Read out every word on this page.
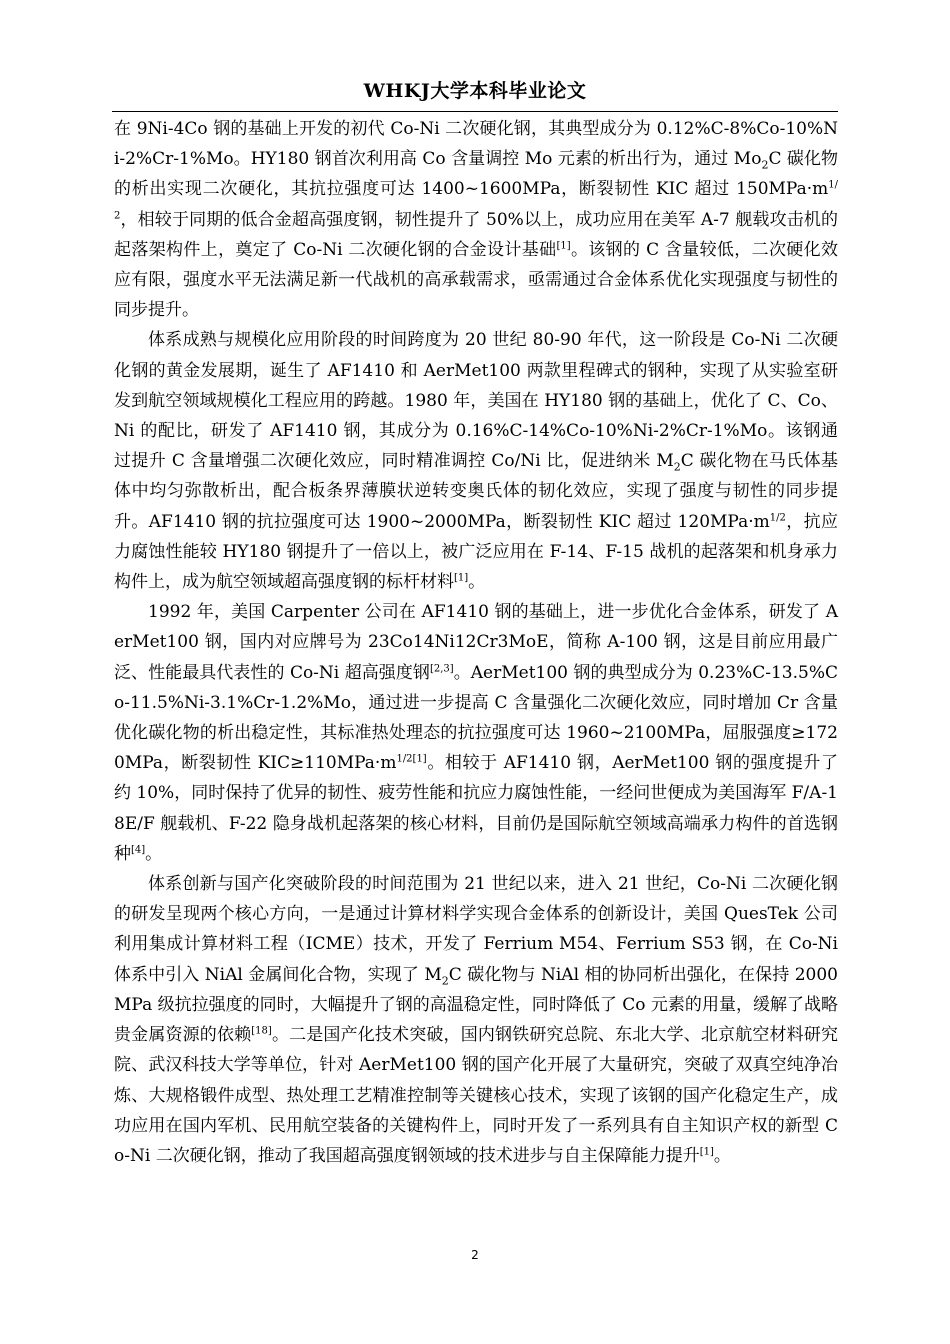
WHKJ大学本科毕业论文

在 9Ni-4Co 钢的基础上开发的初代 Co-Ni 二次硬化钢，其典型成分为 0.12%C-8%Co-10%Ni-2%Cr-1%Mo。HY180 钢首次利用高 Co 含量调控 Mo 元素的析出行为，通过 $Mo_2C$ 碳化物的析出实现二次硬化，其抗拉强度可达 1400~1600MPa，断裂韧性 KIC 超过 $150MPa\cdot m^{1/2}$，相较于同期的低合金超高强度钢，韧性提升了 50%以上，成功应用在美军 A-7 舰载攻击机的起落架构件上，奠定了 Co-Ni 二次硬化钢的合金设计基础[1]。该钢的 C 含量较低，二次硬化效应有限，强度水平无法满足新一代战机的高承载需求，亟需通过合金体系优化实现强度与韧性的同步提升。

体系成熟与规模化应用阶段的时间跨度为 20 世纪 80-90 年代，这一阶段是 Co-Ni 二次硬化钢的黄金发展期，诞生了 AF1410 和 AerMet100 两款里程碑式的钢种，实现了从实验室研发到航空领域规模化工程应用的跨越。1980 年，美国在 HY180 钢的基础上，优化了 C、Co、Ni 的配比，研发了 AF1410 钢，其成分为 0.16%C-14%Co-10%Ni-2%Cr-1%Mo。该钢通过提升 C 含量增强二次硬化效应，同时精准调控 Co/Ni 比，促进纳米 $M_2C$ 碳化物在马氏体基体中均匀弥散析出，配合板条界薄膜状逆转变奥氏体的韧化效应，实现了强度与韧性的同步提升。AF1410 钢的抗拉强度可达 1900~2000MPa，断裂韧性 KIC 超过 $120MPa\cdot m^{1/2}$，抗应力腐蚀性能较 HY180 钢提升了一倍以上，被广泛应用在 F-14、F-15 战机的起落架和机身承力构件上，成为航空领域超高强度钢的标杆材料[1]。

1992 年，美国 Carpenter 公司在 AF1410 钢的基础上，进一步优化合金体系，研发了 AerMet100 钢，国内对应牌号为 23Co14Ni12Cr3MoE，简称 A-100 钢，这是目前应用最广泛、性能最具代表性的 Co-Ni 超高强度钢[2,3]。AerMet100 钢的典型成分为 0.23%C-13.5%Co-11.5%Ni-3.1%Cr-1.2%Mo，通过进一步提高 C 含量强化二次硬化效应，同时增加 Cr 含量优化碳化物的析出稳定性，其标准热处理态的抗拉强度可达 1960~2100MPa，屈服强度≥1720MPa，断裂韧性 $KIC\ge 110MPa\cdot m^{1/2[1]}$。相较于 AF1410 钢，AerMet100 钢的强度提升了约 10%，同时保持了优异的韧性、疲劳性能和抗应力腐蚀性能，一经问世便成为美国海军 F/A-18E/F 舰载机、F-22 隐身战机起落架的核心材料，目前仍是国际航空领域高端承力构件的首选钢种[4]。

体系创新与国产化突破阶段的时间范围为 21 世纪以来，进入 21 世纪，Co-Ni 二次硬化钢的研发呈现两个核心方向，一是通过计算材料学实现合金体系的创新设计，美国 QuesTek 公司利用集成计算材料工程（ICME）技术，开发了 Ferrium M54、Ferrium S53 钢，在 Co-Ni 体系中引入 NiAl 金属间化合物，实现了 $M_2C$ 碳化物与 NiAl 相的协同析出强化，在保持 2000MPa 级抗拉强度的同时，大幅提升了钢的高温稳定性，同时降低了 Co 元素的用量，缓解了战略贵金属资源的依赖[18]。二是国产化技术突破，国内钢铁研究总院、东北大学、北京航空材料研究院、武汉科技大学等单位，针对 AerMet100 钢的国产化开展了大量研究，突破了双真空纯净冶炼、大规格锻件成型、热处理工艺精准控制等关键核心技术，实现了该钢的国产化稳定生产，成功应用在国内军机、民用航空装备的关键构件上，同时开发了一系列具有自主知识产权的新型 Co-Ni 二次硬化钢，推动了我国超高强度钢领域的技术进步与自主保障能力提升[1]。

2
